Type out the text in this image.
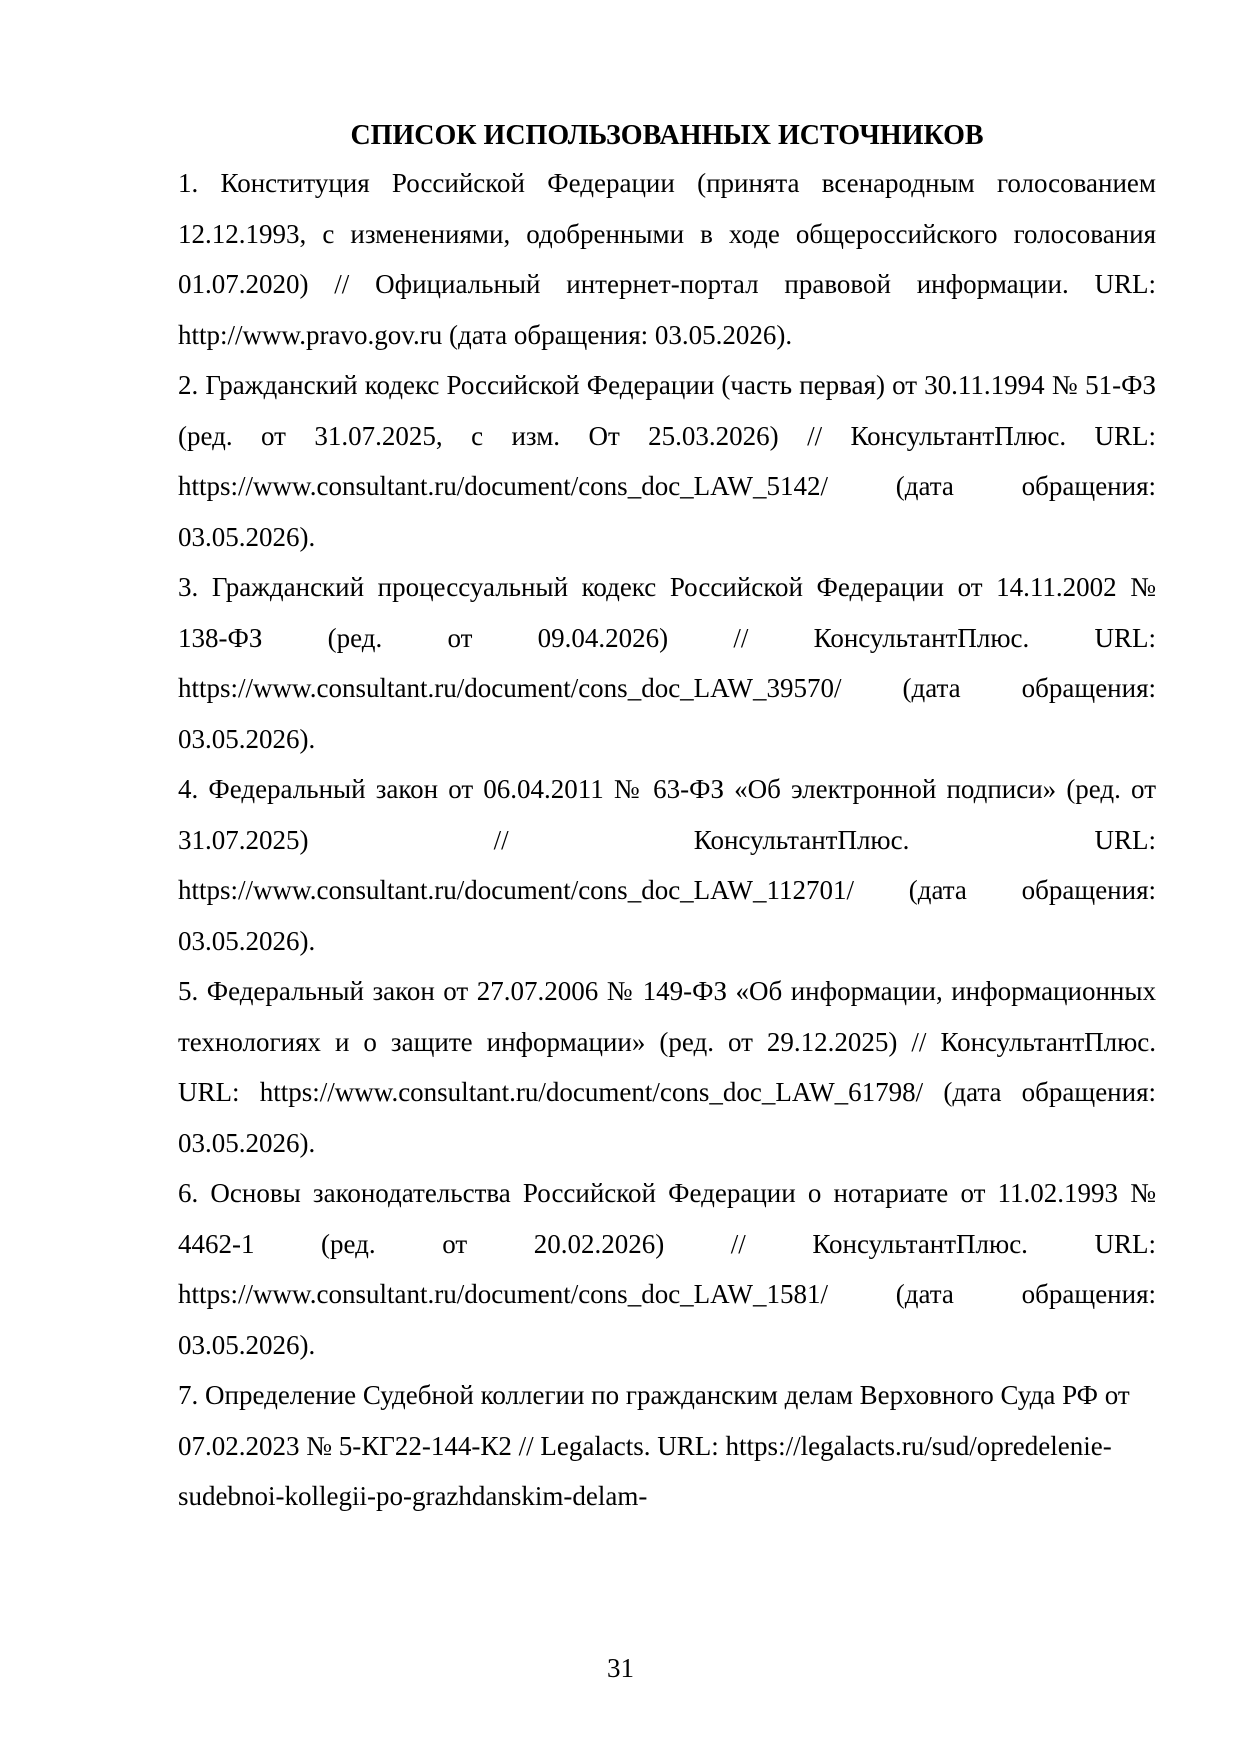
СПИСОК ИСПОЛЬЗОВАННЫХ ИСТОЧНИКОВ
1. Конституция Российской Федерации (принята всенародным голосованием 12.12.1993, с изменениями, одобренными в ходе общероссийского голосования 01.07.2020) // Официальный интернет-портал правовой информации. URL: http://www.pravo.gov.ru (дата обращения: 03.05.2026).
2. Гражданский кодекс Российской Федерации (часть первая) от 30.11.1994 № 51-ФЗ (ред. от 31.07.2025, с изм. От 25.03.2026) // КонсультантПлюс. URL: https://www.consultant.ru/document/cons_doc_LAW_5142/ (дата обращения: 03.05.2026).
3. Гражданский процессуальный кодекс Российской Федерации от 14.11.2002 № 138-ФЗ (ред. от 09.04.2026) // КонсультантПлюс. URL: https://www.consultant.ru/document/cons_doc_LAW_39570/ (дата обращения: 03.05.2026).
4. Федеральный закон от 06.04.2011 № 63-ФЗ «Об электронной подписи» (ред. от 31.07.2025) // КонсультантПлюс. URL: https://www.consultant.ru/document/cons_doc_LAW_112701/ (дата обращения: 03.05.2026).
5. Федеральный закон от 27.07.2006 № 149-ФЗ «Об информации, информационных технологиях и о защите информации» (ред. от 29.12.2025) // КонсультантПлюс. URL: https://www.consultant.ru/document/cons_doc_LAW_61798/ (дата обращения: 03.05.2026).
6. Основы законодательства Российской Федерации о нотариате от 11.02.1993 № 4462-1 (ред. от 20.02.2026) // КонсультантПлюс. URL: https://www.consultant.ru/document/cons_doc_LAW_1581/ (дата обращения: 03.05.2026).
7. Определение Судебной коллегии по гражданским делам Верховного Суда РФ от 07.02.2023 № 5-КГ22-144-К2 // Legalacts. URL: https://legalacts.ru/sud/opredelenie-sudebnoi-kollegii-po-grazhdanskim-delam-
31
